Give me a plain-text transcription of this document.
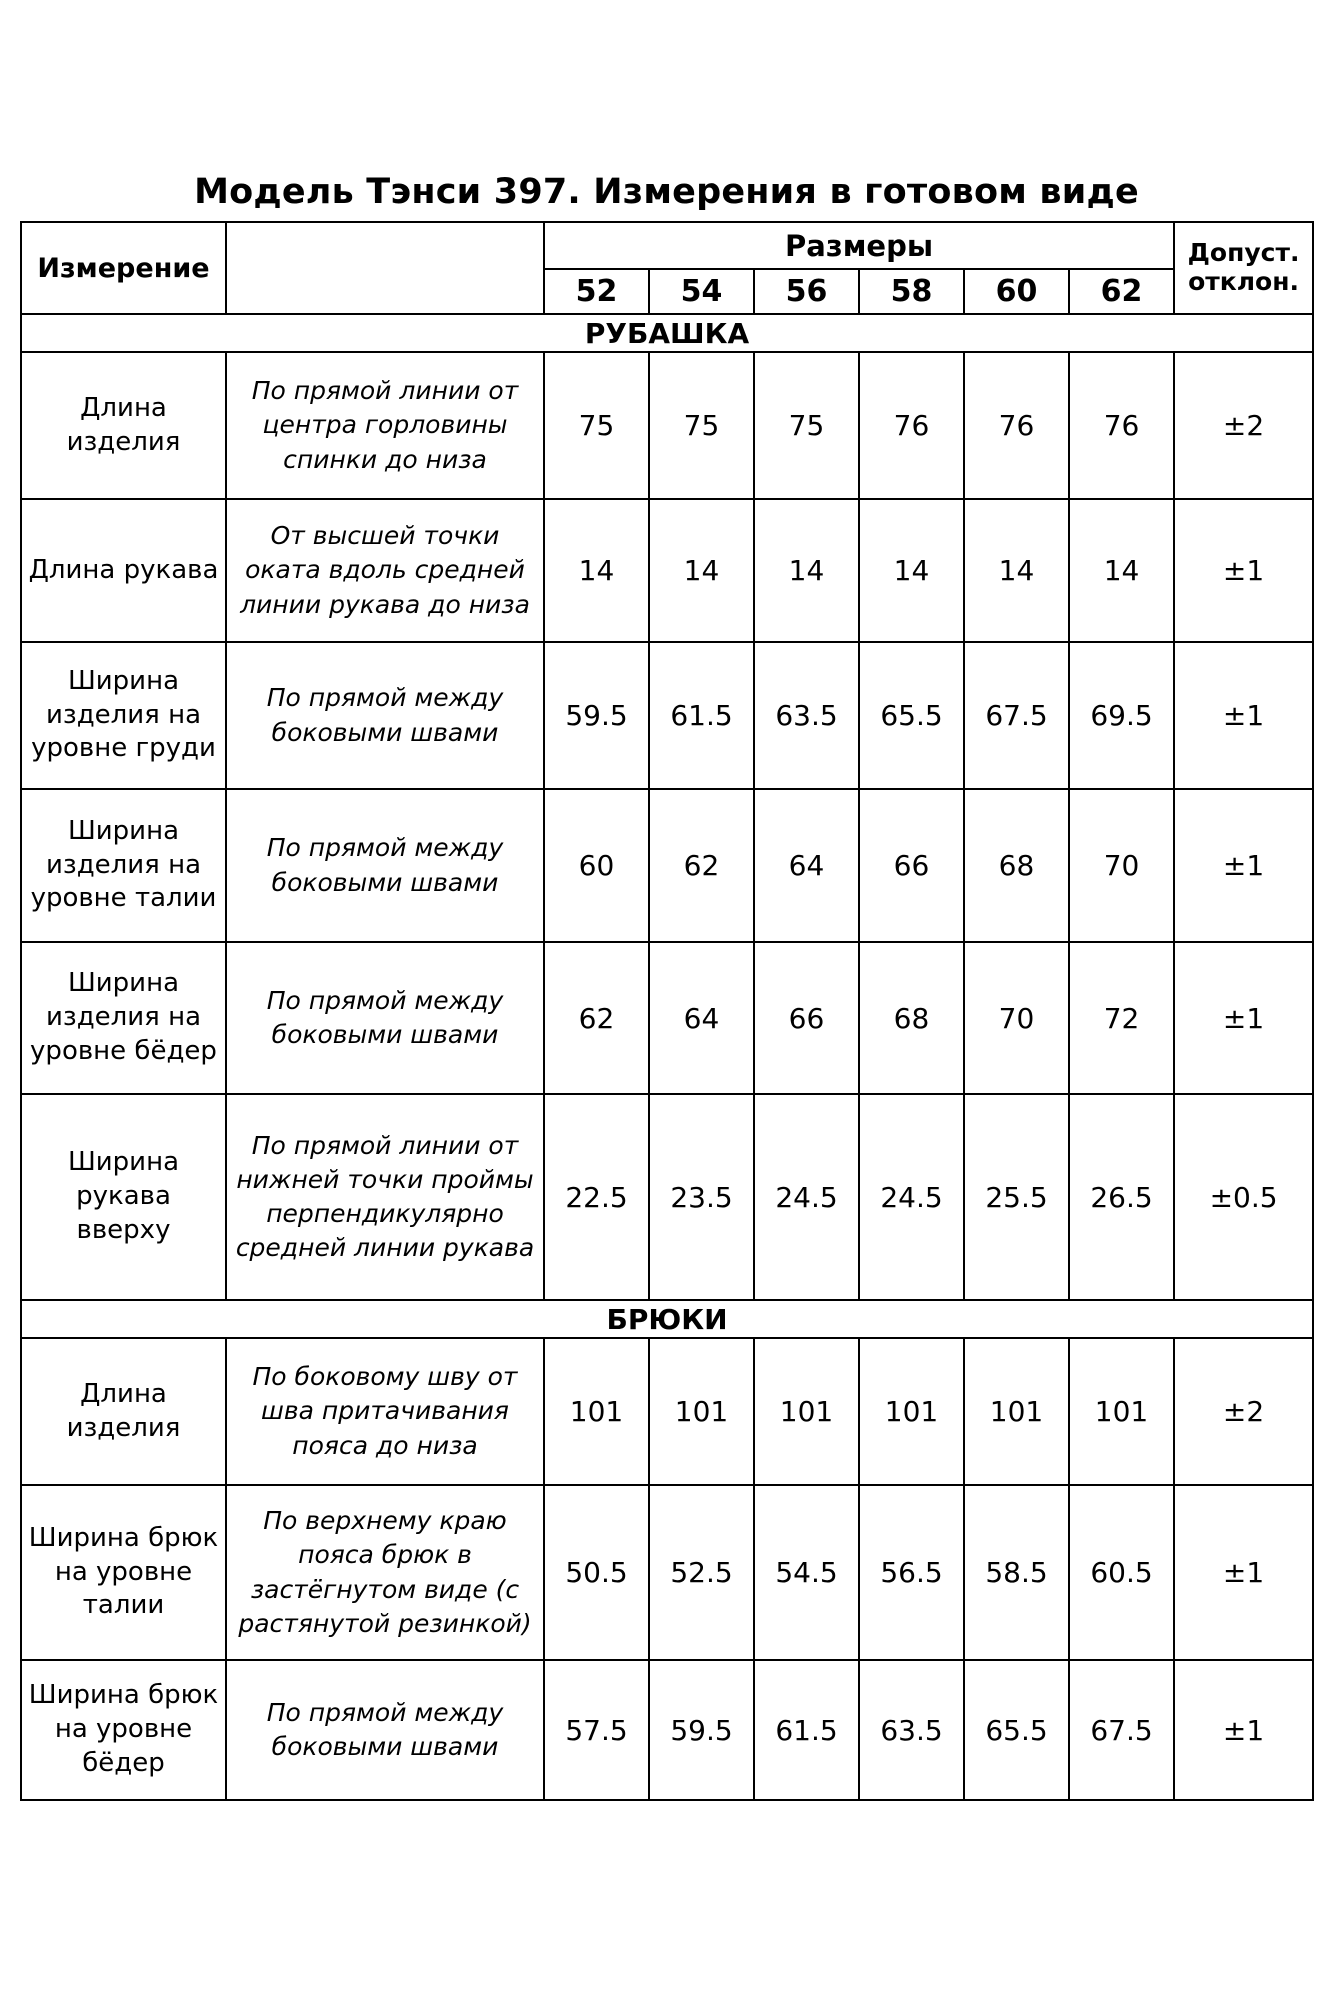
Модель Тэнси 397. Измерения в готовом виде
Измерение		Размеры						Допуст.
отклон.

		52	54	56	58	60	62	
РУБАШКА								
Длина изделия	По прямой линии от центра горловины спинки до низа	75	75	75	76	76	76	±2
Длина рукава	От высшей точки оката вдоль средней линии рукава до низа	14	14	14	14	14	14	±1
Ширина изделия на уровне груди	По прямой между боковыми швами	59.5	61.5	63.5	65.5	67.5	69.5	±1
Ширина изделия на уровне талии	По прямой между боковыми швами	60	62	64	66	68	70	±1
Ширина изделия на уровне бёдер	По прямой между боковыми швами	62	64	66	68	70	72	±1
Ширина рукава вверху	По прямой линии от нижней точки проймы перпендикулярно средней линии рукава	22.5	23.5	24.5	24.5	25.5	26.5	±0.5
БРЮКИ								
Длина изделия	По боковому шву от шва притачивания пояса до низа	101	101	101	101	101	101	±2
Ширина брюк на уровне талии	По верхнему краю пояса брюк в застёгнутом виде (с растянутой резинкой)	50.5	52.5	54.5	56.5	58.5	60.5	±1
Ширина брюк на уровне бёдер	По прямой между боковыми швами	57.5	59.5	61.5	63.5	65.5	67.5	±1
